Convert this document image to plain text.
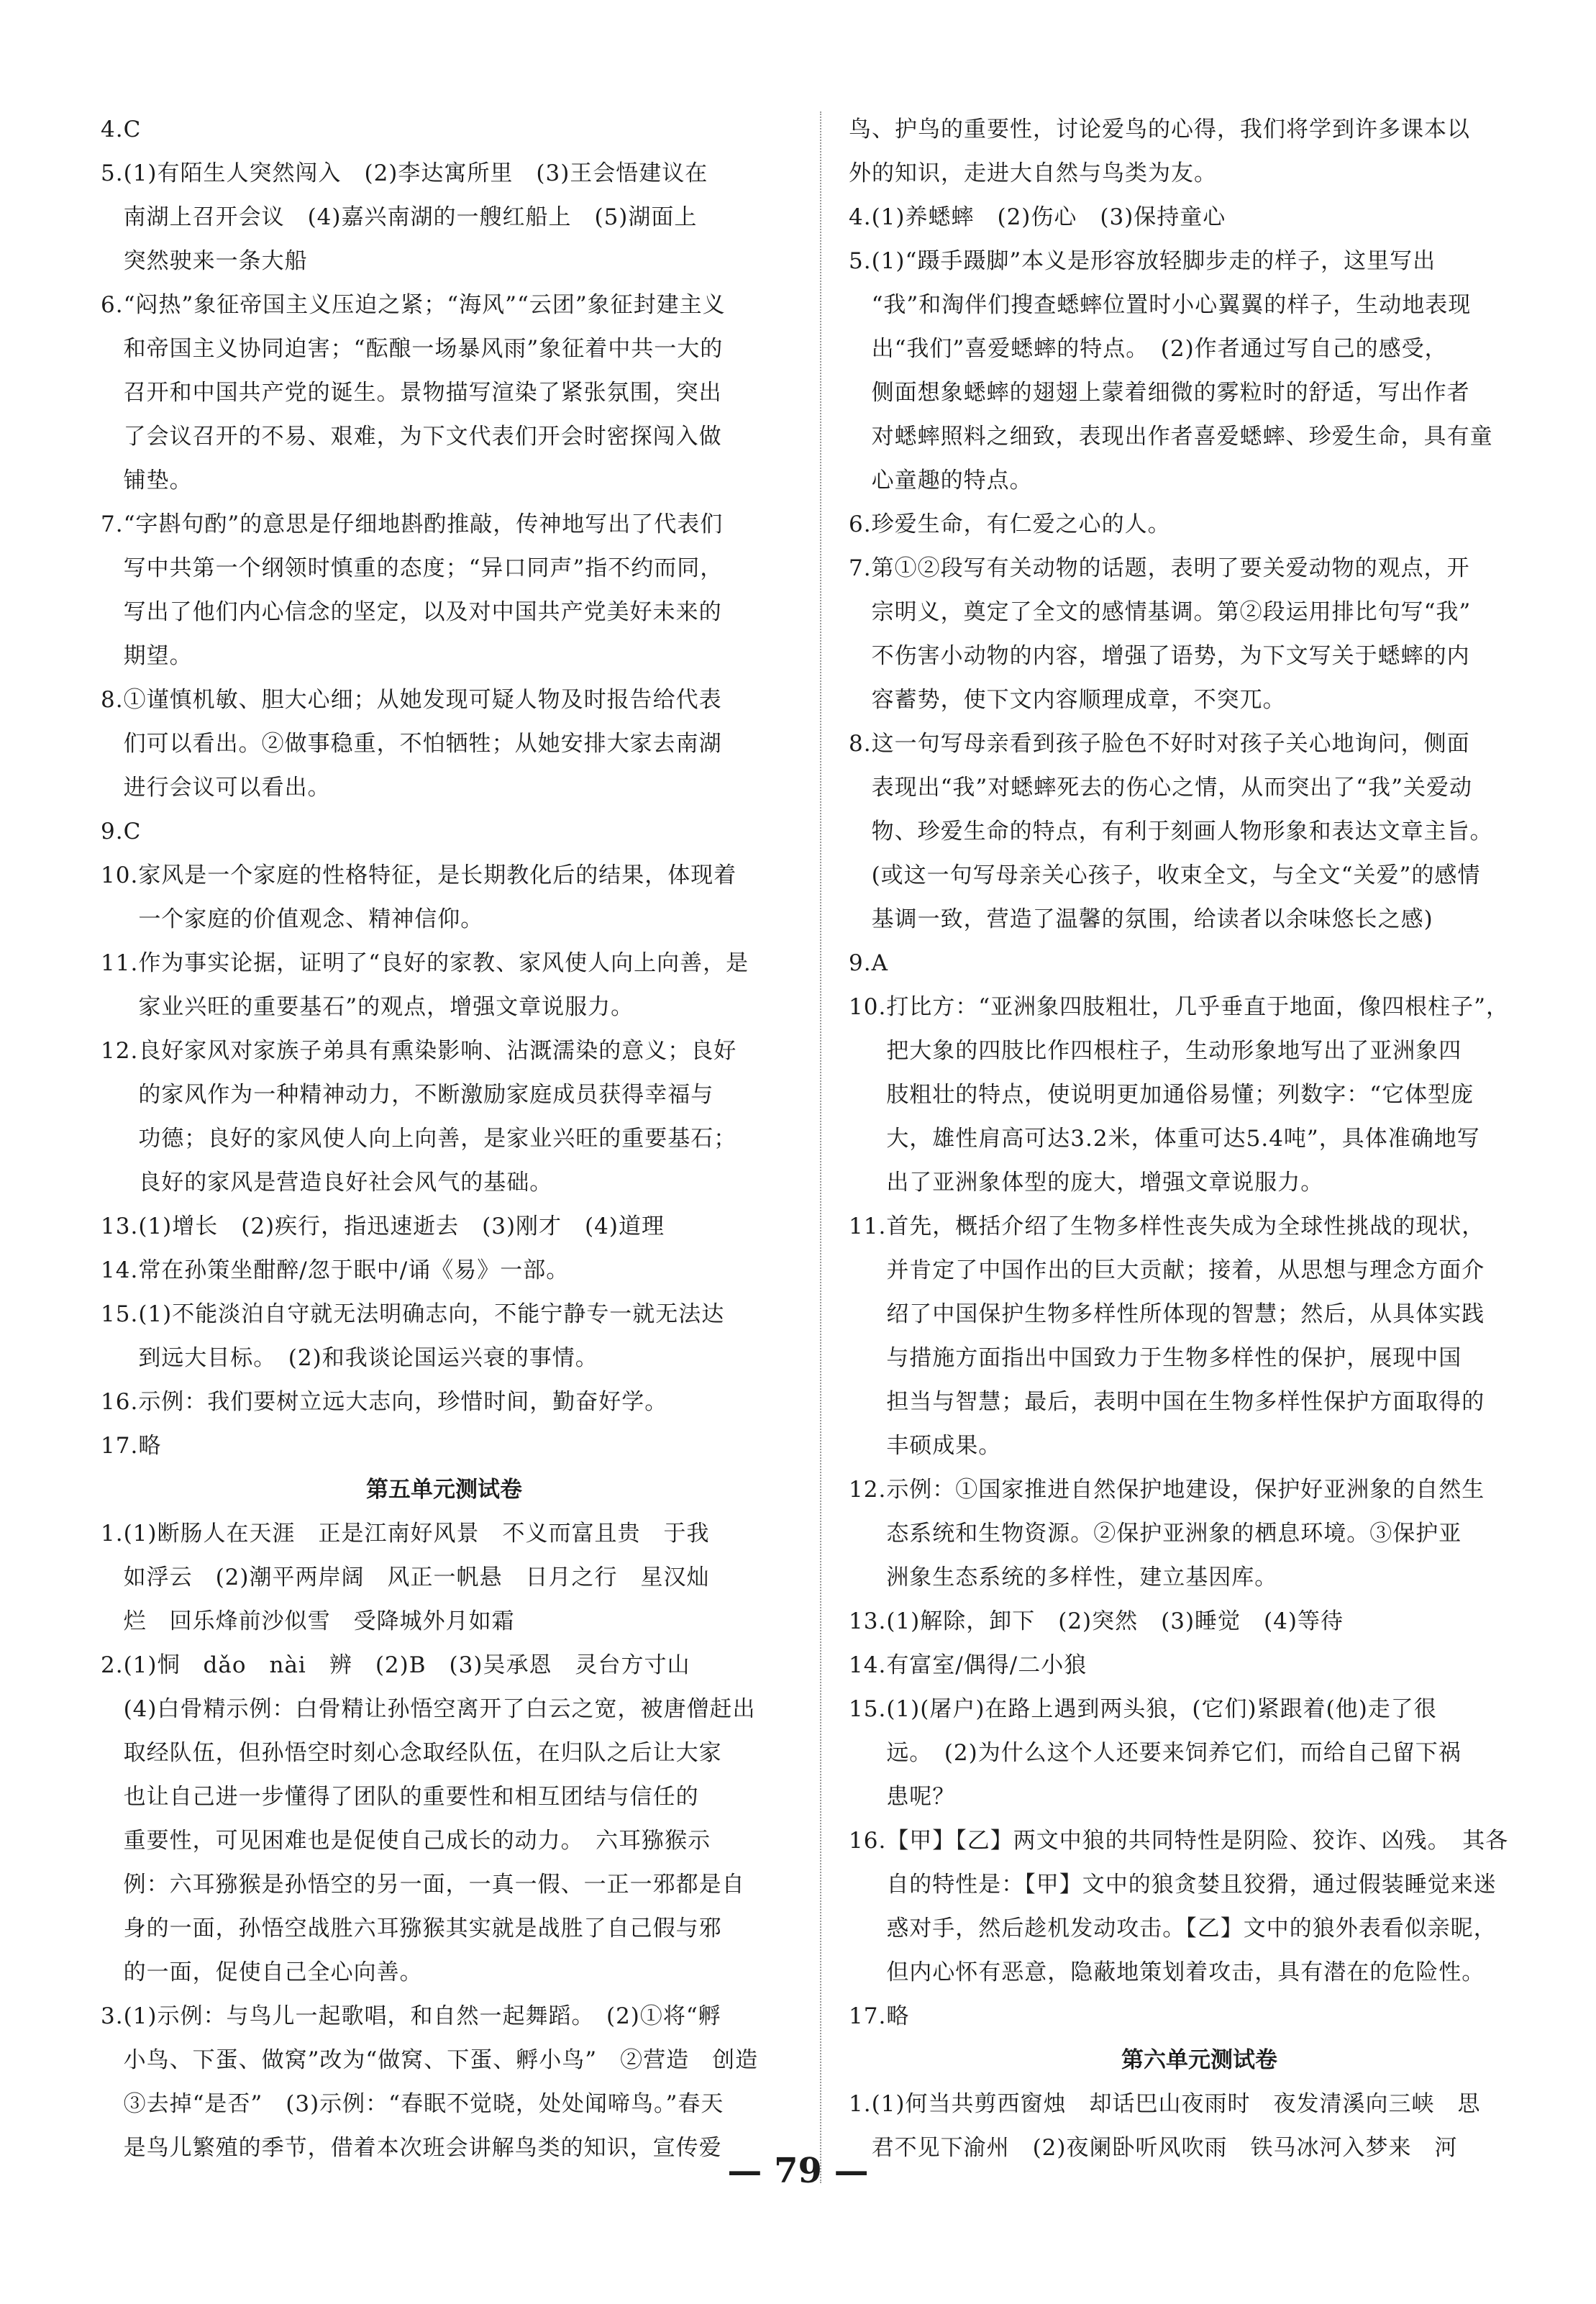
4. C
5. (1)有陌生人突然闯入　(2)李达寓所里　(3)王会悟建议在
南湖上召开会议　(4)嘉兴南湖的一艘红船上　(5)湖面上
突然驶来一条大船
6. “闷热”象征帝国主义压迫之紧；“海风”“云团”象征封建主义
和帝国主义协同迫害；“酝酿一场暴风雨”象征着中共一大的
召开和中国共产党的诞生。景物描写渲染了紧张氛围，突出
了会议召开的不易、艰难，为下文代表们开会时密探闯入做
铺垫。
7. “字斟句酌”的意思是仔细地斟酌推敲，传神地写出了代表们
写中共第一个纲领时慎重的态度；“异口同声”指不约而同，
写出了他们内心信念的坚定，以及对中国共产党美好未来的
期望。
8. ①谨慎机敏、胆大心细；从她发现可疑人物及时报告给代表
们可以看出。②做事稳重，不怕牺牲；从她安排大家去南湖
进行会议可以看出。
9. C
10. 家风是一个家庭的性格特征，是长期教化后的结果，体现着
一个家庭的价值观念、精神信仰。
11. 作为事实论据，证明了“良好的家教、家风使人向上向善，是
家业兴旺的重要基石”的观点，增强文章说服力。
12. 良好家风对家族子弟具有熏染影响、沾溉濡染的意义；良好
的家风作为一种精神动力，不断激励家庭成员获得幸福与
功德；良好的家风使人向上向善，是家业兴旺的重要基石；
良好的家风是营造良好社会风气的基础。
13. (1)增长　(2)疾行，指迅速逝去　(3)刚才　(4)道理
14. 常在孙策坐酣醉/忽于眠中/诵《易》一部。
15. (1)不能淡泊自守就无法明确志向，不能宁静专一就无法达
到远大目标。　(2)和我谈论国运兴衰的事情。
16. 示例：我们要树立远大志向，珍惜时间，勤奋好学。
17. 略
第五单元测试卷
1. (1)断肠人在天涯　正是江南好风景　不义而富且贵　于我
如浮云　(2)潮平两岸阔　风正一帆悬　日月之行　星汉灿
烂　回乐烽前沙似雪　受降城外月如霜
2. (1)恫　dǎo　nài　辨　(2)B　(3)吴承恩　灵台方寸山
(4)白骨精示例：白骨精让孙悟空离开了白云之宽，被唐僧赶出
取经队伍，但孙悟空时刻心念取经队伍，在归队之后让大家
也让自己进一步懂得了团队的重要性和相互团结与信任的
重要性，可见困难也是促使自己成长的动力。　六耳猕猴示
例：六耳猕猴是孙悟空的另一面，一真一假、一正一邪都是自
身的一面，孙悟空战胜六耳猕猴其实就是战胜了自己假与邪
的一面，促使自己全心向善。
3. (1)示例：与鸟儿一起歌唱，和自然一起舞蹈。　(2)①将“孵
小鸟、下蛋、做窝”改为“做窝、下蛋、孵小鸟”　②营造　创造
③去掉“是否”　(3)示例：“春眠不觉晓，处处闻啼鸟。”春天
是鸟儿繁殖的季节，借着本次班会讲解鸟类的知识，宣传爱
鸟、护鸟的重要性，讨论爱鸟的心得，我们将学到许多课本以
外的知识，走进大自然与鸟类为友。
4. (1)养蟋蟀　(2)伤心　(3)保持童心
5. (1)“蹑手蹑脚”本义是形容放轻脚步走的样子，这里写出
“我”和淘伴们搜查蟋蟀位置时小心翼翼的样子，生动地表现
出“我们”喜爱蟋蟀的特点。　(2)作者通过写自己的感受，
侧面想象蟋蟀的翅翅上蒙着细微的雾粒时的舒适，写出作者
对蟋蟀照料之细致，表现出作者喜爱蟋蟀、珍爱生命，具有童
心童趣的特点。
6. 珍爱生命，有仁爱之心的人。
7. 第①②段写有关动物的话题，表明了要关爱动物的观点，开
宗明义，奠定了全文的感情基调。第②段运用排比句写“我”
不伤害小动物的内容，增强了语势，为下文写关于蟋蟀的内
容蓄势，使下文内容顺理成章，不突兀。
8. 这一句写母亲看到孩子脸色不好时对孩子关心地询问，侧面
表现出“我”对蟋蟀死去的伤心之情，从而突出了“我”关爱动
物、珍爱生命的特点，有利于刻画人物形象和表达文章主旨。
(或这一句写母亲关心孩子，收束全文，与全文“关爱”的感情
基调一致，营造了温馨的氛围，给读者以余味悠长之感)
9. A
10. 打比方：“亚洲象四肢粗壮，几乎垂直于地面，像四根柱子”，
把大象的四肢比作四根柱子，生动形象地写出了亚洲象四
肢粗壮的特点，使说明更加通俗易懂；列数字：“它体型庞
大，雄性肩高可达3.2米，体重可达5.4吨”，具体准确地写
出了亚洲象体型的庞大，增强文章说服力。
11. 首先，概括介绍了生物多样性丧失成为全球性挑战的现状，
并肯定了中国作出的巨大贡献；接着，从思想与理念方面介
绍了中国保护生物多样性所体现的智慧；然后，从具体实践
与措施方面指出中国致力于生物多样性的保护，展现中国
担当与智慧；最后，表明中国在生物多样性保护方面取得的
丰硕成果。
12. 示例：①国家推进自然保护地建设，保护好亚洲象的自然生
态系统和生物资源。②保护亚洲象的栖息环境。③保护亚
洲象生态系统的多样性，建立基因库。
13. (1)解除，卸下　(2)突然　(3)睡觉　(4)等待
14. 有富室/偶得/二小狼
15. (1)(屠户)在路上遇到两头狼，(它们)紧跟着(他)走了很
远。　(2)为什么这个人还要来饲养它们，而给自己留下祸
患呢？
16. 【甲】【乙】两文中狼的共同特性是阴险、狡诈、凶残。　其各
自的特性是：【甲】文中的狼贪婪且狡猾，通过假装睡觉来迷
惑对手，然后趁机发动攻击。【乙】文中的狼外表看似亲昵，
但内心怀有恶意，隐蔽地策划着攻击，具有潜在的危险性。
17. 略
第六单元测试卷
1. (1)何当共剪西窗烛　却话巴山夜雨时　夜发清溪向三峡　思
君不见下渝州　(2)夜阑卧听风吹雨　铁马冰河入梦来　河
— 79 —
